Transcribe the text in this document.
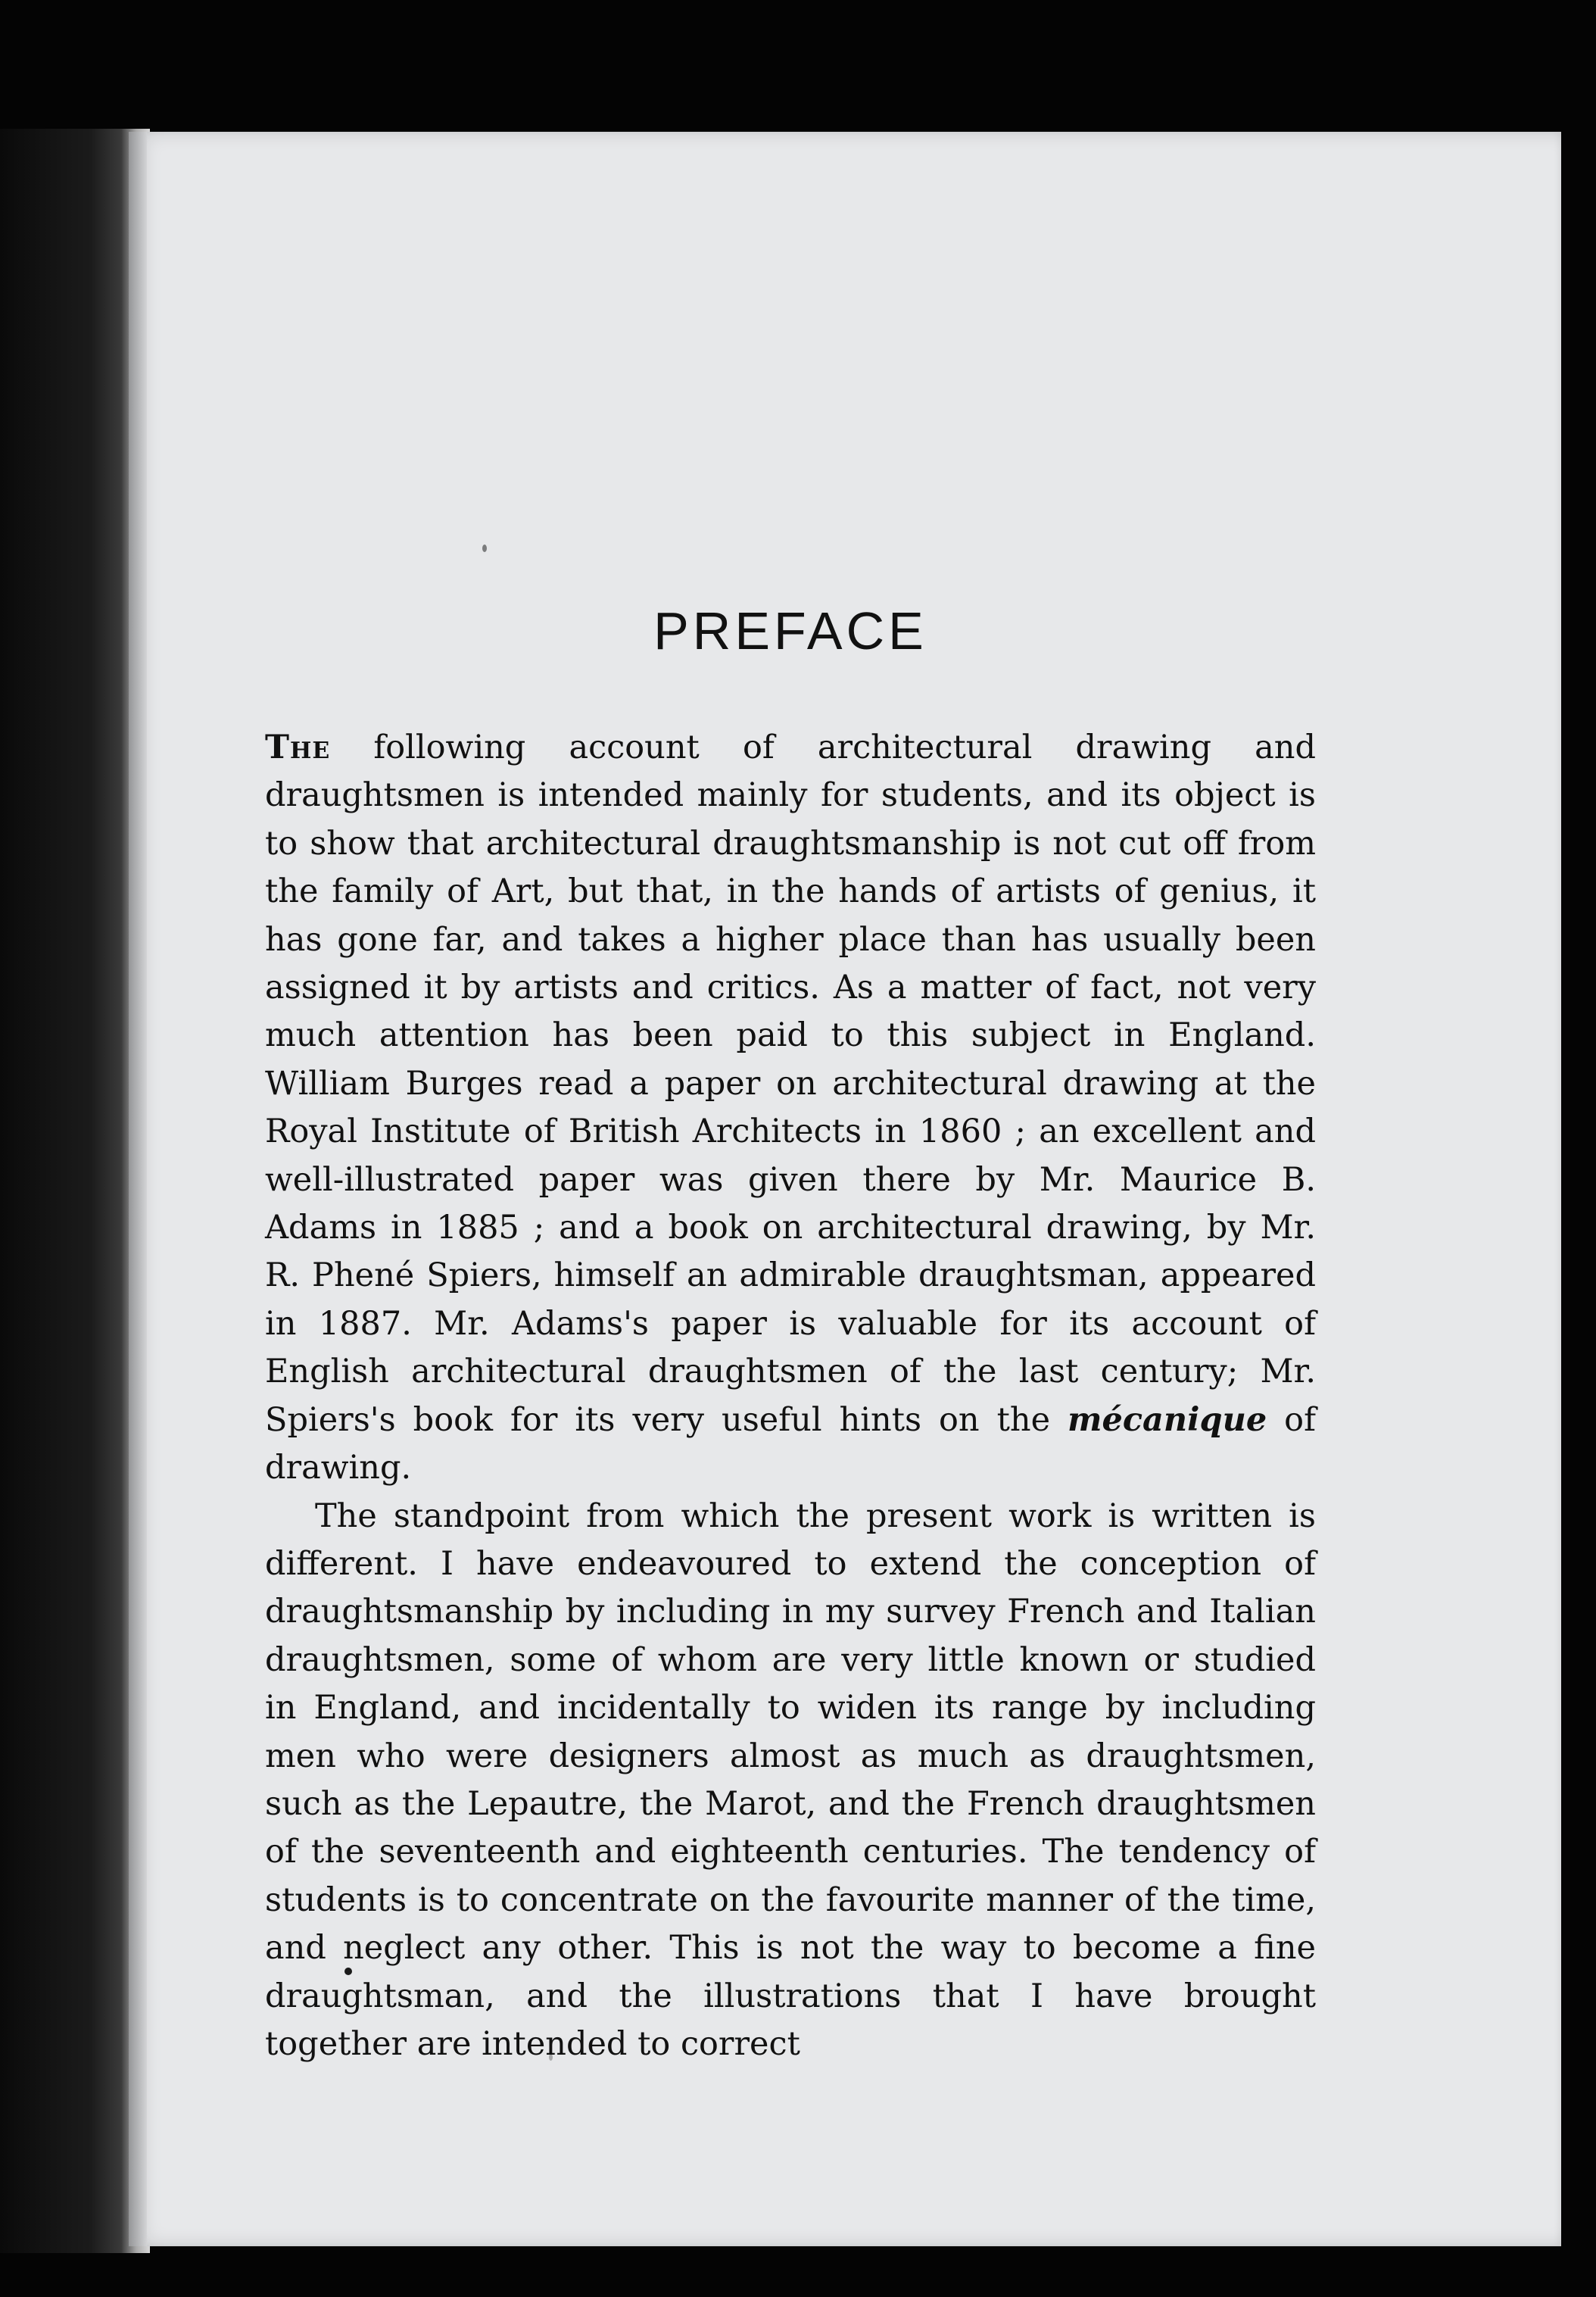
PREFACE

The following account of architectural drawing and draughtsmen is intended mainly for students, and its object is to show that architectural draughtsmanship is not cut off from the family of Art, but that, in the hands of artists of genius, it has gone far, and takes a higher place than has usually been assigned it by artists and critics. As a matter of fact, not very much attention has been paid to this subject in England. William Burges read a paper on architectural drawing at the Royal Institute of British Architects in 1860 ; an excellent and well-illustrated paper was given there by Mr. Maurice B. Adams in 1885 ; and a book on architectural drawing, by Mr. R. Phené Spiers, himself an admirable draughtsman, appeared in 1887. Mr. Adams's paper is valuable for its account of English architectural draughtsmen of the last century; Mr. Spiers's book for its very useful hints on the mécanique of drawing.

The standpoint from which the present work is written is different. I have endeavoured to extend the conception of draughtsmanship by including in my survey French and Italian draughtsmen, some of whom are very little known or studied in England, and incidentally to widen its range by including men who were designers almost as much as draughtsmen, such as the Lepautre, the Marot, and the French draughtsmen of the seventeenth and eighteenth centuries. The tendency of students is to concentrate on the favourite manner of the time, and neglect any other. This is not the way to become a fine draughtsman, and the illustrations that I have brought together are intended to correct
